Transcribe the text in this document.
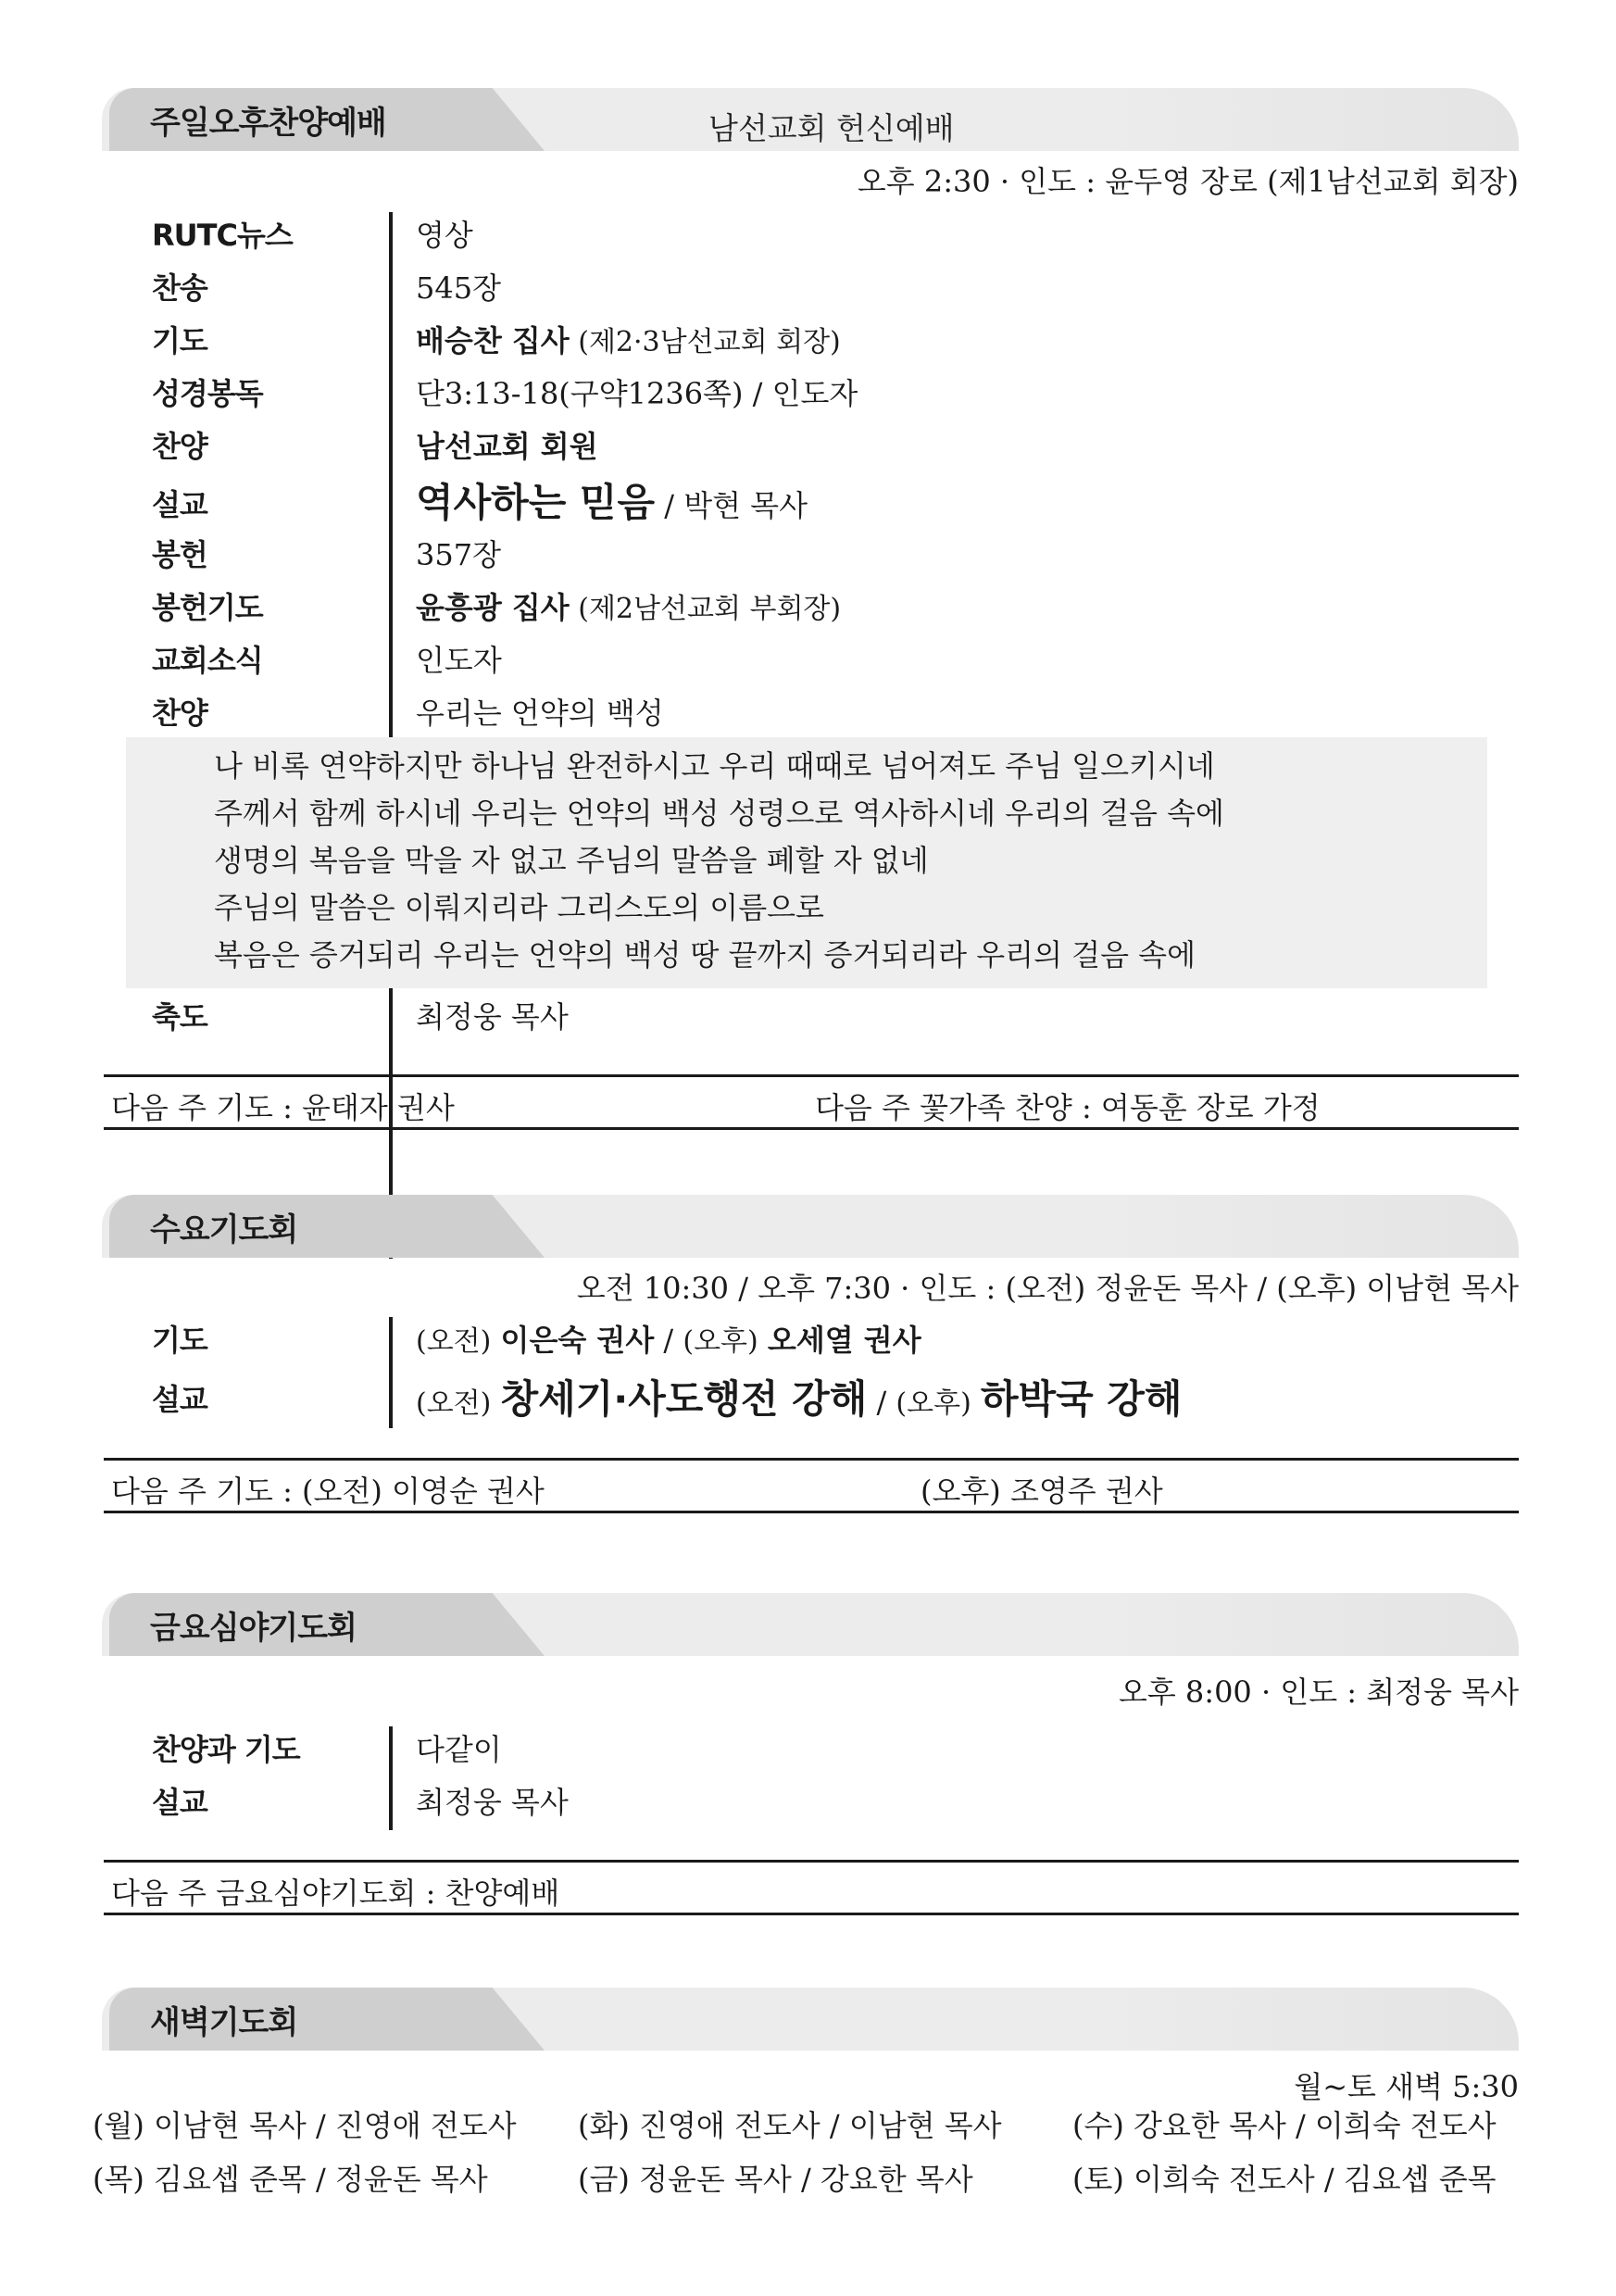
주일오후찬양예배	남선교회 헌신예배
오후 2:30 · 인도 : 윤두영 장로 (제1남선교회 회장)
RUTC뉴스	영상
찬송	545장
기도	배승찬 집사 (제2·3남선교회 회장)
성경봉독	단3:13-18(구약1236쪽) / 인도자
찬양	남선교회 회원
설교	역사하는 믿음 / 박현 목사
봉헌	357장
봉헌기도	윤흥광 집사 (제2남선교회 부회장)
교회소식	인도자
찬양	우리는 언약의 백성
나 비록 연약하지만 하나님 완전하시고 우리 때때로 넘어져도 주님 일으키시네
주께서 함께 하시네 우리는 언약의 백성 성령으로 역사하시네 우리의 걸음 속에
생명의 복음을 막을 자 없고 주님의 말씀을 폐할 자 없네
주님의 말씀은 이뤄지리라 그리스도의 이름으로
복음은 증거되리 우리는 언약의 백성 땅 끝까지 증거되리라 우리의 걸음 속에
축도	최정웅 목사
다음 주 기도 : 윤태자 권사	다음 주 꽃가족 찬양 : 여동훈 장로 가정
수요기도회
오전 10:30 / 오후 7:30 · 인도 : (오전) 정윤돈 목사 / (오후) 이남현 목사
기도	(오전) 이은숙 권사 / (오후) 오세열 권사
설교	(오전) 창세기·사도행전 강해 / (오후) 하박국 강해
다음 주 기도 : (오전) 이영순 권사	(오후) 조영주 권사
금요심야기도회
오후 8:00 · 인도 : 최정웅 목사
찬양과 기도	다같이
설교	최정웅 목사
다음 주 금요심야기도회 : 찬양예배
새벽기도회
월~토 새벽 5:30
(월) 이남현 목사 / 진영애 전도사 (화) 진영애 전도사 / 이남현 목사 (수) 강요한 목사 / 이희숙 전도사
(목) 김요셉 준목 / 정윤돈 목사	(금) 정윤돈 목사 / 강요한 목사	(토) 이희숙 전도사 / 김요셉 준목
